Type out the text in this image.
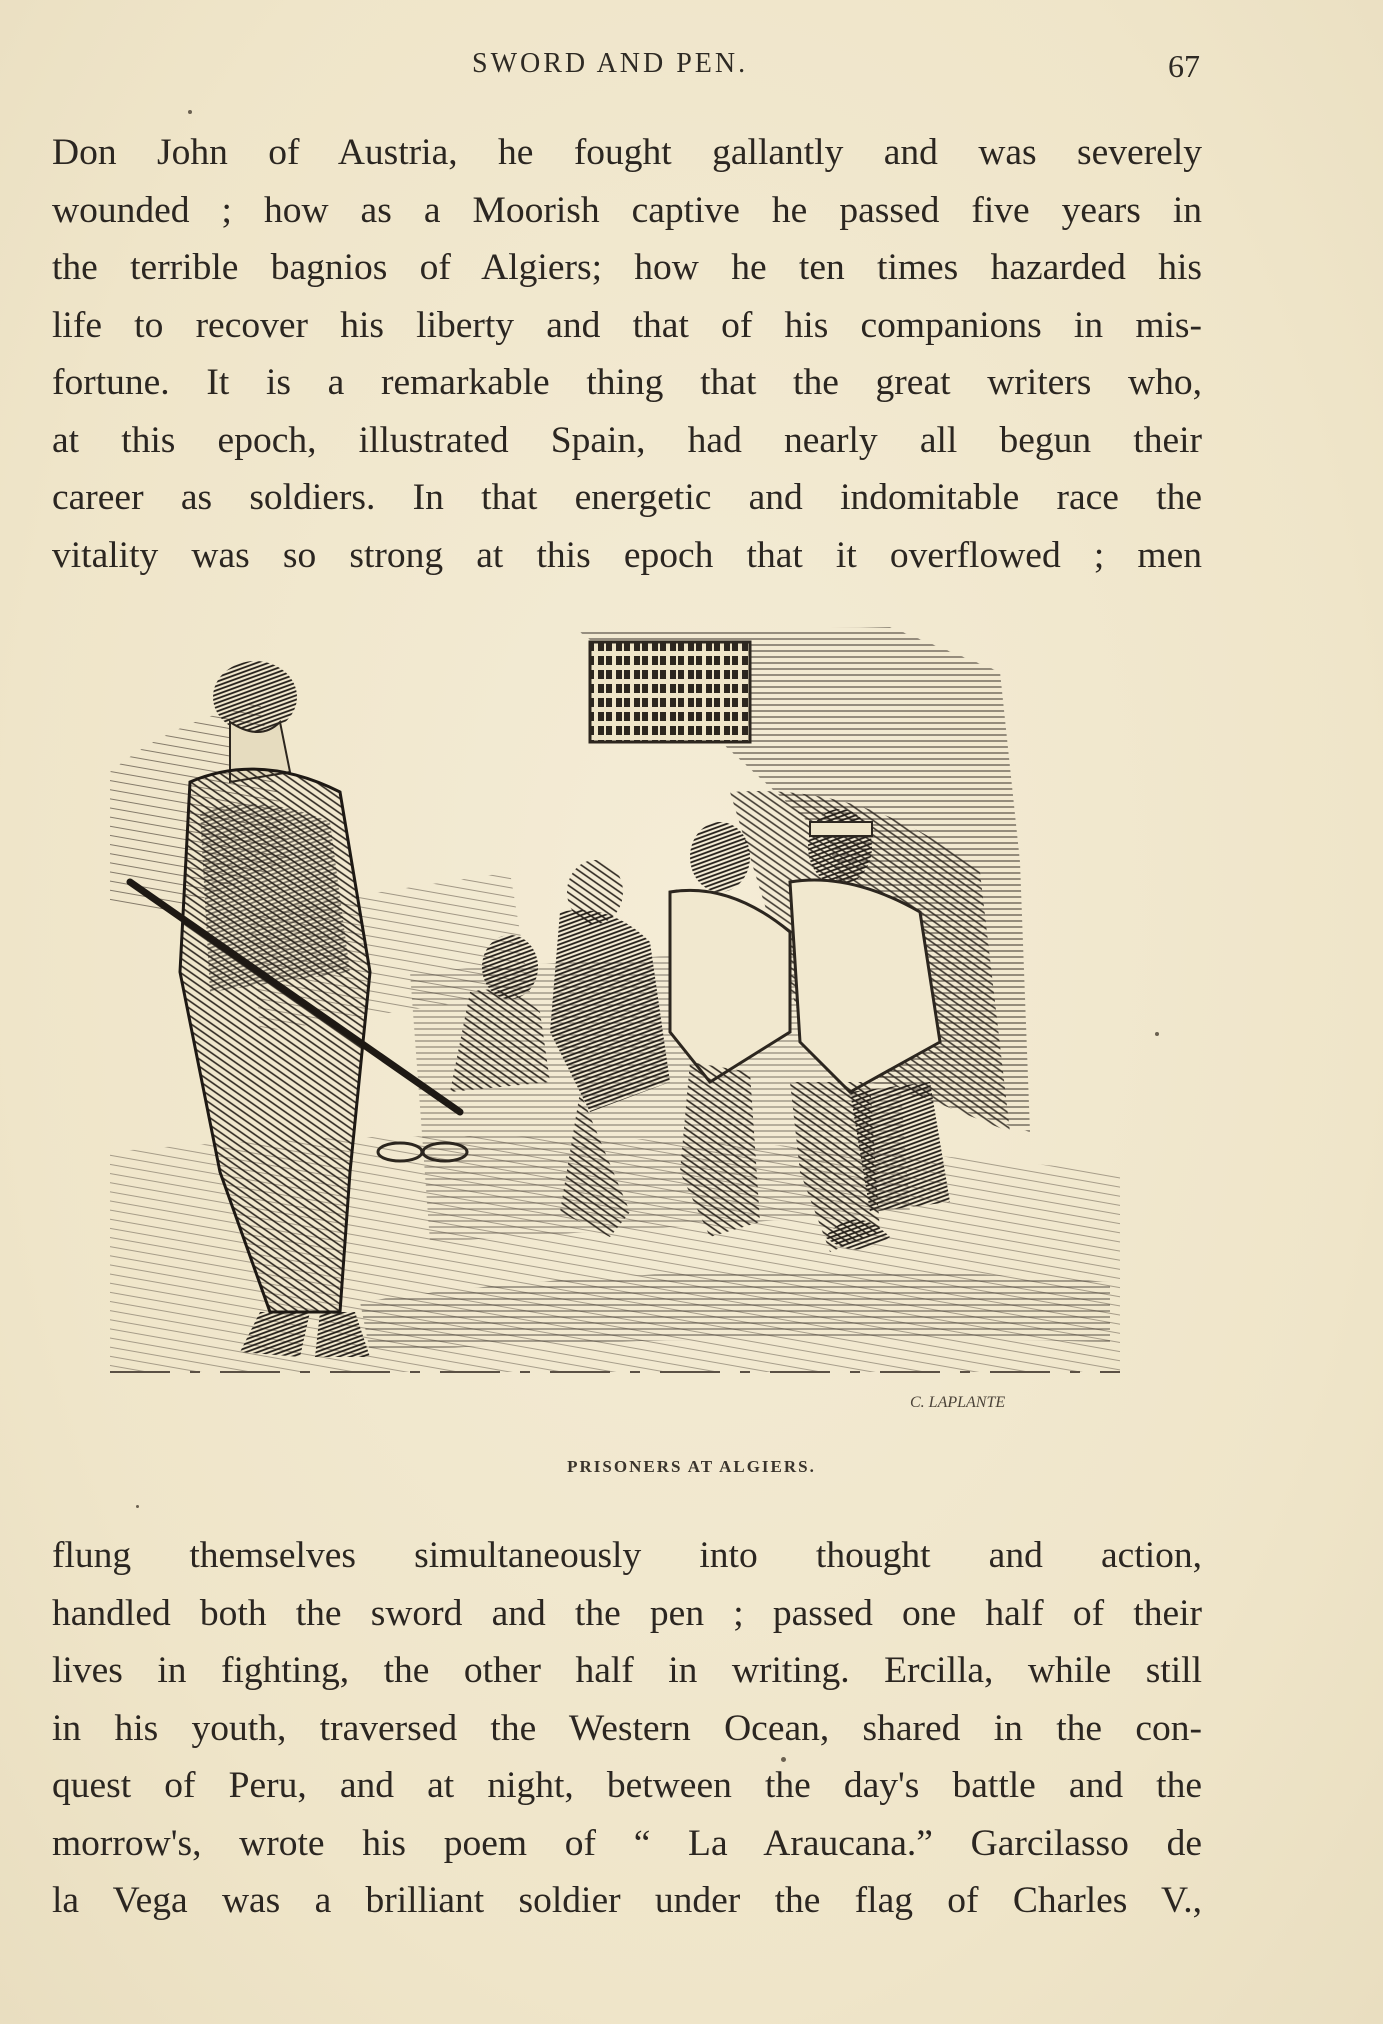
SWORD AND PEN.	67
Don John of Austria, he fought gallantly and was severely
wounded ; how as a Moorish captive he passed five years in
the terrible bagnios of Algiers; how he ten times hazarded his
life to recover his liberty and that of his companions in mis-
fortune. It is a remarkable thing that the great writers who,
at this epoch, illustrated Spain, had nearly all begun their
career as soldiers. In that energetic and indomitable race the
vitality was so strong at this epoch that it overflowed ; men
C. LAPLANTE
PRISONERS AT ALGIERS.
flung themselves simultaneously into thought and action,
handled both the sword and the pen ; passed one half of their
lives in fighting, the other half in writing. Ercilla, while still
in his youth, traversed the Western Ocean, shared in the con-
quest of Peru, and at night, between the day's battle and the
morrow's, wrote his poem of “ La Araucana.” Garcilasso de
la Vega was a brilliant soldier under the flag of Charles V.,
